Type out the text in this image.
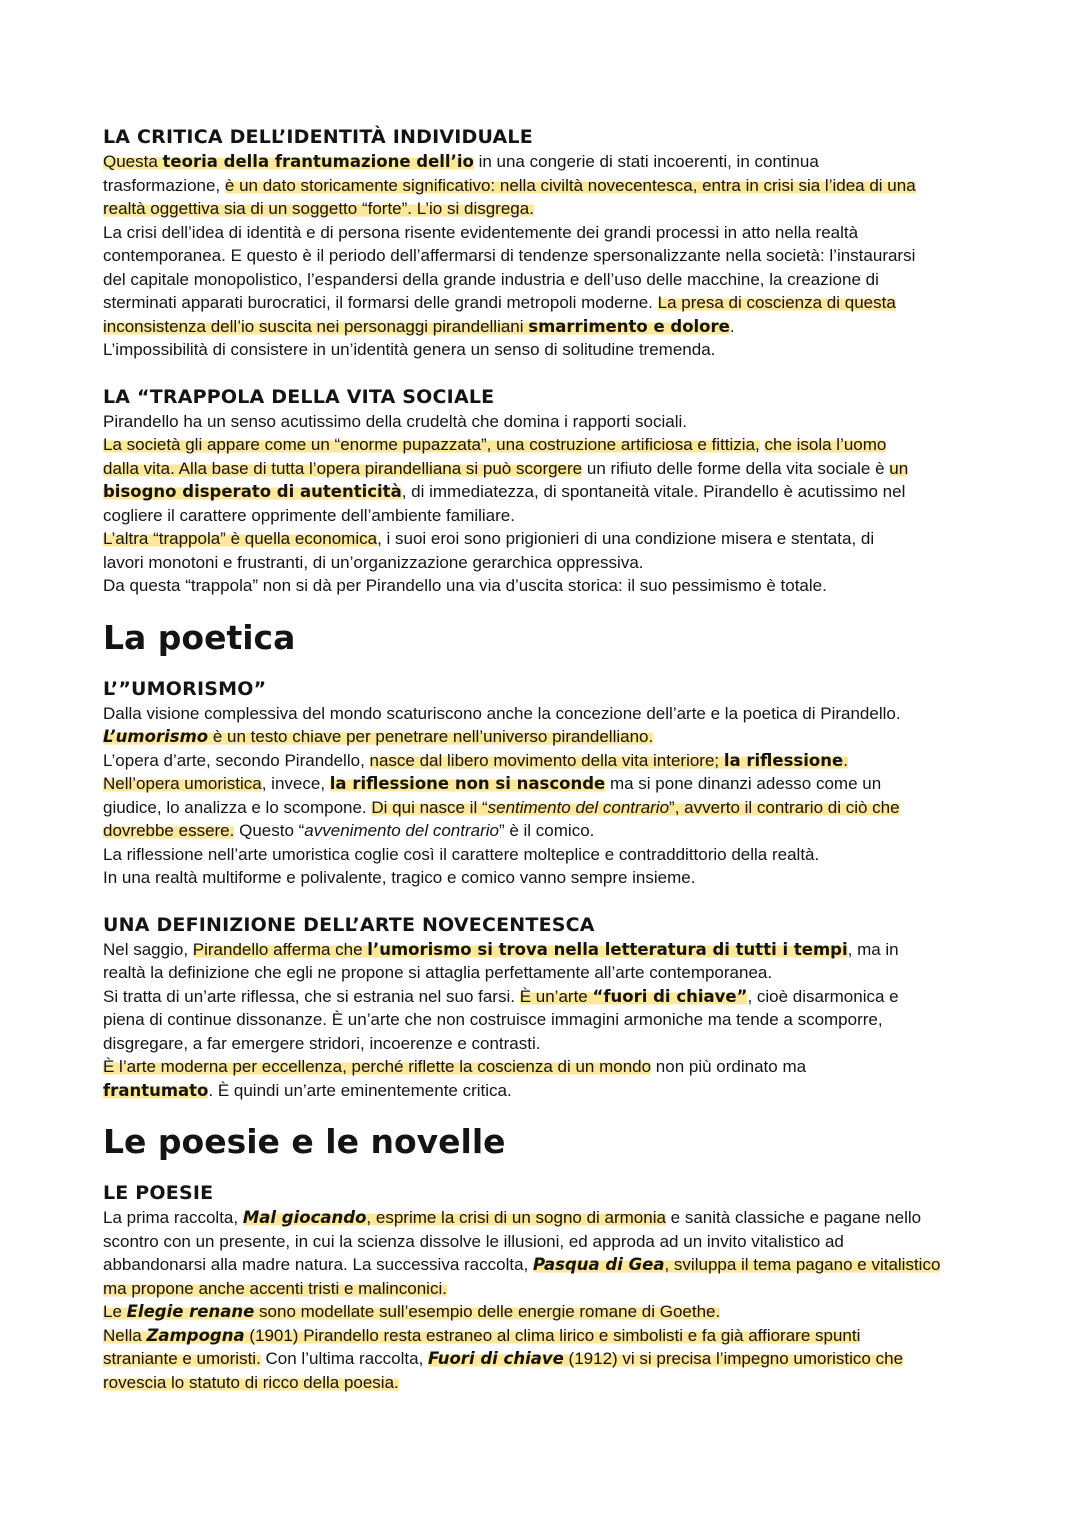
LA CRITICA DELL’IDENTITÀ INDIVIDUALE

Questa teoria della frantumazione dell’io in una congerie di stati incoerenti, in continua

trasformazione, è un dato storicamente significativo: nella civiltà novecentesca, entra in crisi sia l’idea di una

realtà oggettiva sia di un soggetto “forte”. L’io si disgrega.

La crisi dell’idea di identità e di persona risente evidentemente dei grandi processi in atto nella realtà

contemporanea. E questo è il periodo dell’affermarsi di tendenze spersonalizzante nella società: l’instaurarsi

del capitale monopolistico, l’espandersi della grande industria e dell’uso delle macchine, la creazione di

sterminati apparati burocratici, il formarsi delle grandi metropoli moderne. La presa di coscienza di questa

inconsistenza dell’io suscita nei personaggi pirandelliani smarrimento e dolore.

L’impossibilità di consistere in un’identità genera un senso di solitudine tremenda.

LA “TRAPPOLA DELLA VITA SOCIALE

Pirandello ha un senso acutissimo della crudeltà che domina i rapporti sociali.

La società gli appare come un “enorme pupazzata”, una costruzione artificiosa e fittizia, che isola l’uomo

dalla vita. Alla base di tutta l’opera pirandelliana si può scorgere un rifiuto delle forme della vita sociale è un

bisogno disperato di autenticità, di immediatezza, di spontaneità vitale. Pirandello è acutissimo nel

cogliere il carattere opprimente dell’ambiente familiare.

L’altra “trappola” è quella economica, i suoi eroi sono prigionieri di una condizione misera e stentata, di

lavori monotoni e frustranti, di un’organizzazione gerarchica oppressiva.

Da questa “trappola” non si dà per Pirandello una via d’uscita storica: il suo pessimismo è totale.

La poetica
L’”UMORISMO”

Dalla visione complessiva del mondo scaturiscono anche la concezione dell’arte e la poetica di Pirandello.

L’umorismo è un testo chiave per penetrare nell’universo pirandelliano.

L’opera d’arte, secondo Pirandello, nasce dal libero movimento della vita interiore; la riflessione.

Nell’opera umoristica, invece, la riflessione non si nasconde ma si pone dinanzi adesso come un

giudice, lo analizza e lo scompone. Di qui nasce il “sentimento del contrario”, avverto il contrario di ciò che

dovrebbe essere. Questo “avvenimento del contrario” è il comico.

La riflessione nell’arte umoristica coglie così il carattere molteplice e contraddittorio della realtà.

In una realtà multiforme e polivalente, tragico e comico vanno sempre insieme.

UNA DEFINIZIONE DELL’ARTE NOVECENTESCA

Nel saggio, Pirandello afferma che l’umorismo si trova nella letteratura di tutti i tempi, ma in

realtà la definizione che egli ne propone si attaglia perfettamente all’arte contemporanea.

Si tratta di un’arte riflessa, che si estrania nel suo farsi. È un’arte “fuori di chiave”, cioè disarmonica e

piena di continue dissonanze. È un’arte che non costruisce immagini armoniche ma tende a scomporre,

disgregare, a far emergere stridori, incoerenze e contrasti.

È l’arte moderna per eccellenza, perché riflette la coscienza di un mondo non più ordinato ma

frantumato. È quindi un’arte eminentemente critica.

Le poesie e le novelle
LE POESIE

La prima raccolta, Mal giocando, esprime la crisi di un sogno di armonia e sanità classiche e pagane nello

scontro con un presente, in cui la scienza dissolve le illusioni, ed approda ad un invito vitalistico ad

abbandonarsi alla madre natura. La successiva raccolta, Pasqua di Gea, sviluppa il tema pagano e vitalistico

ma propone anche accenti tristi e malinconici.

Le Elegie renane sono modellate sull’esempio delle energie romane di Goethe.

Nella Zampogna (1901) Pirandello resta estraneo al clima lirico e simbolisti e fa già affiorare spunti

straniante e umoristi. Con l’ultima raccolta, Fuori di chiave (1912) vi si precisa l’impegno umoristico che

rovescia lo statuto di ricco della poesia.
